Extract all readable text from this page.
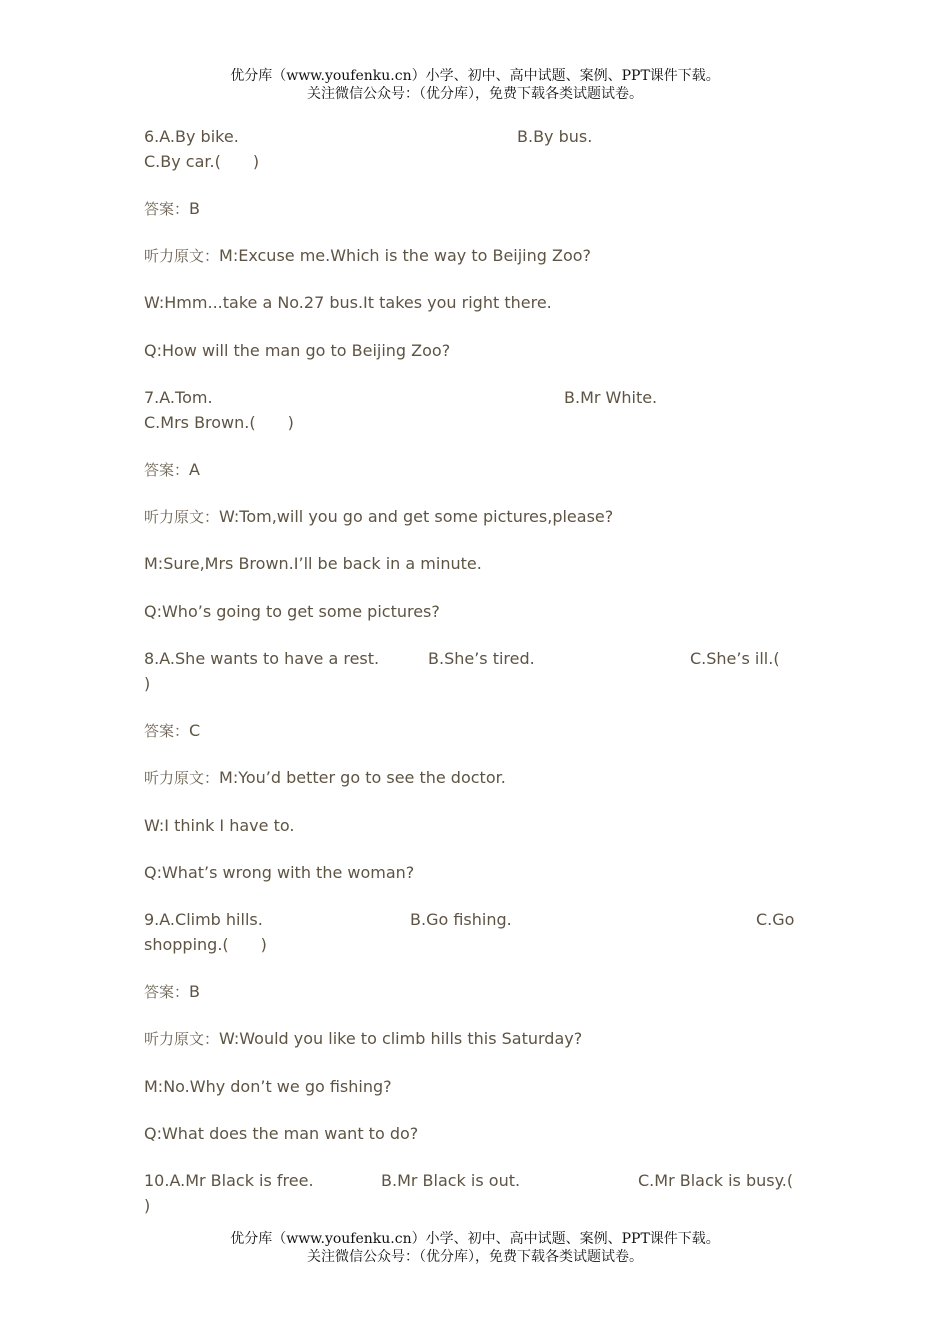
优分库（www.youfenku.cn）小学、初中、高中试题、案例、PPT课件下载。
关注微信公众号：（优分库），免费下载各类试题试卷。
6.A.By bike.	B.By bus.
C.By car.(　　)
答案：B
听力原文：M:Excuse me.Which is the way to Beijing Zoo?
W:Hmm...take a No.27 bus.It takes you right there.
Q:How will the man go to Beijing Zoo?
7.A.Tom.	B.Mr White.
C.Mrs Brown.(　　)
答案：A
听力原文：W:Tom,will you go and get some pictures,please?
M:Sure,Mrs Brown.I’ll be back in a minute.
Q:Who’s going to get some pictures?
8.A.She wants to have a rest.	B.She’s tired.	C.She’s ill.(
)
答案：C
听力原文：M:You’d better go to see the doctor.
W:I think I have to.
Q:What’s wrong with the woman?
9.A.Climb hills.	B.Go fishing.	C.Go
shopping.(　　)
答案：B
听力原文：W:Would you like to climb hills this Saturday?
M:No.Why don’t we go fishing?
Q:What does the man want to do?
10.A.Mr Black is free.	B.Mr Black is out.	C.Mr Black is busy.(
)
优分库（www.youfenku.cn）小学、初中、高中试题、案例、PPT课件下载。
关注微信公众号：（优分库），免费下载各类试题试卷。
